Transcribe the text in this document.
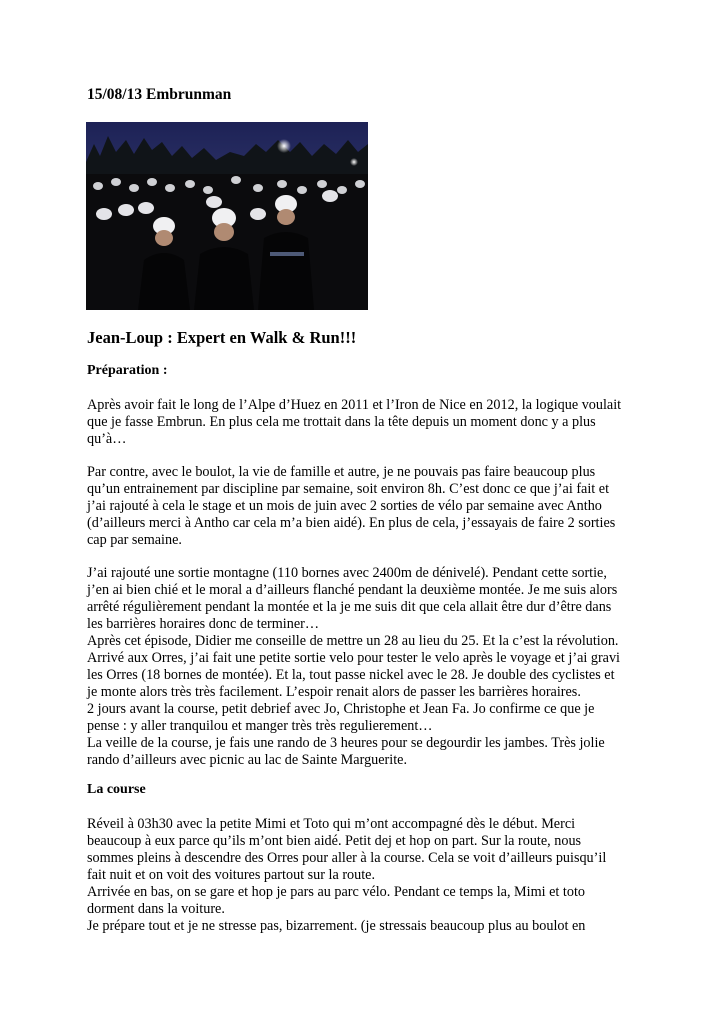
15/08/13 Embrunman

Jean-Loup : Expert en Walk & Run!!!

Préparation :

Après avoir fait le long de l’Alpe d’Huez en 2011 et l’Iron de Nice en 2012, la logique voulait
que je fasse Embrun. En plus cela me trottait dans la tête depuis un moment donc y a plus
qu’à…

Par contre, avec le boulot, la vie de famille et autre, je ne pouvais pas faire beaucoup plus
qu’un entrainement par discipline par semaine, soit environ 8h. C’est donc ce que j’ai fait et
j’ai rajouté à cela le stage et un mois de juin avec 2 sorties de vélo par semaine avec Antho
(d’ailleurs merci à Antho car cela m’a bien aidé). En plus de cela, j’essayais de faire 2 sorties
cap par semaine.

J’ai rajouté une sortie montagne (110 bornes avec 2400m de dénivelé). Pendant cette sortie,
j’en ai bien chié et le moral a d’ailleurs flanché pendant la deuxième montée. Je me suis alors
arrêté régulièrement pendant la montée et la je me suis dit que cela allait être dur d’être dans
les barrières horaires donc de terminer…
Après cet épisode, Didier me conseille de mettre un 28 au lieu du 25. Et la c’est la révolution.
Arrivé aux Orres, j’ai fait une petite sortie velo pour tester le velo après le voyage et j’ai gravi
les Orres (18 bornes de montée). Et la, tout passe nickel avec le 28. Je double des cyclistes et
je monte alors très très facilement. L’espoir renait alors de passer les barrières horaires.
2 jours avant la course, petit debrief avec Jo, Christophe et Jean Fa. Jo confirme ce que je
pense : y aller tranquilou et manger très très regulierement…
La veille de la course, je fais une rando de 3 heures pour se degourdir les jambes. Très jolie
rando d’ailleurs avec picnic au lac de Sainte Marguerite.

La course

Réveil à 03h30 avec la petite Mimi et Toto qui m’ont accompagné dès le début. Merci
beaucoup à eux parce qu’ils m’ont bien aidé. Petit dej et hop on part. Sur la route, nous
sommes pleins à descendre des Orres pour aller à la course. Cela se voit d’ailleurs puisqu’il
fait nuit et on voit des voitures partout sur la route.
Arrivée en bas, on se gare et hop je pars au parc vélo. Pendant ce temps la, Mimi et toto
dorment dans la voiture.
Je prépare tout et je ne stresse pas, bizarrement. (je stressais beaucoup plus au boulot en
